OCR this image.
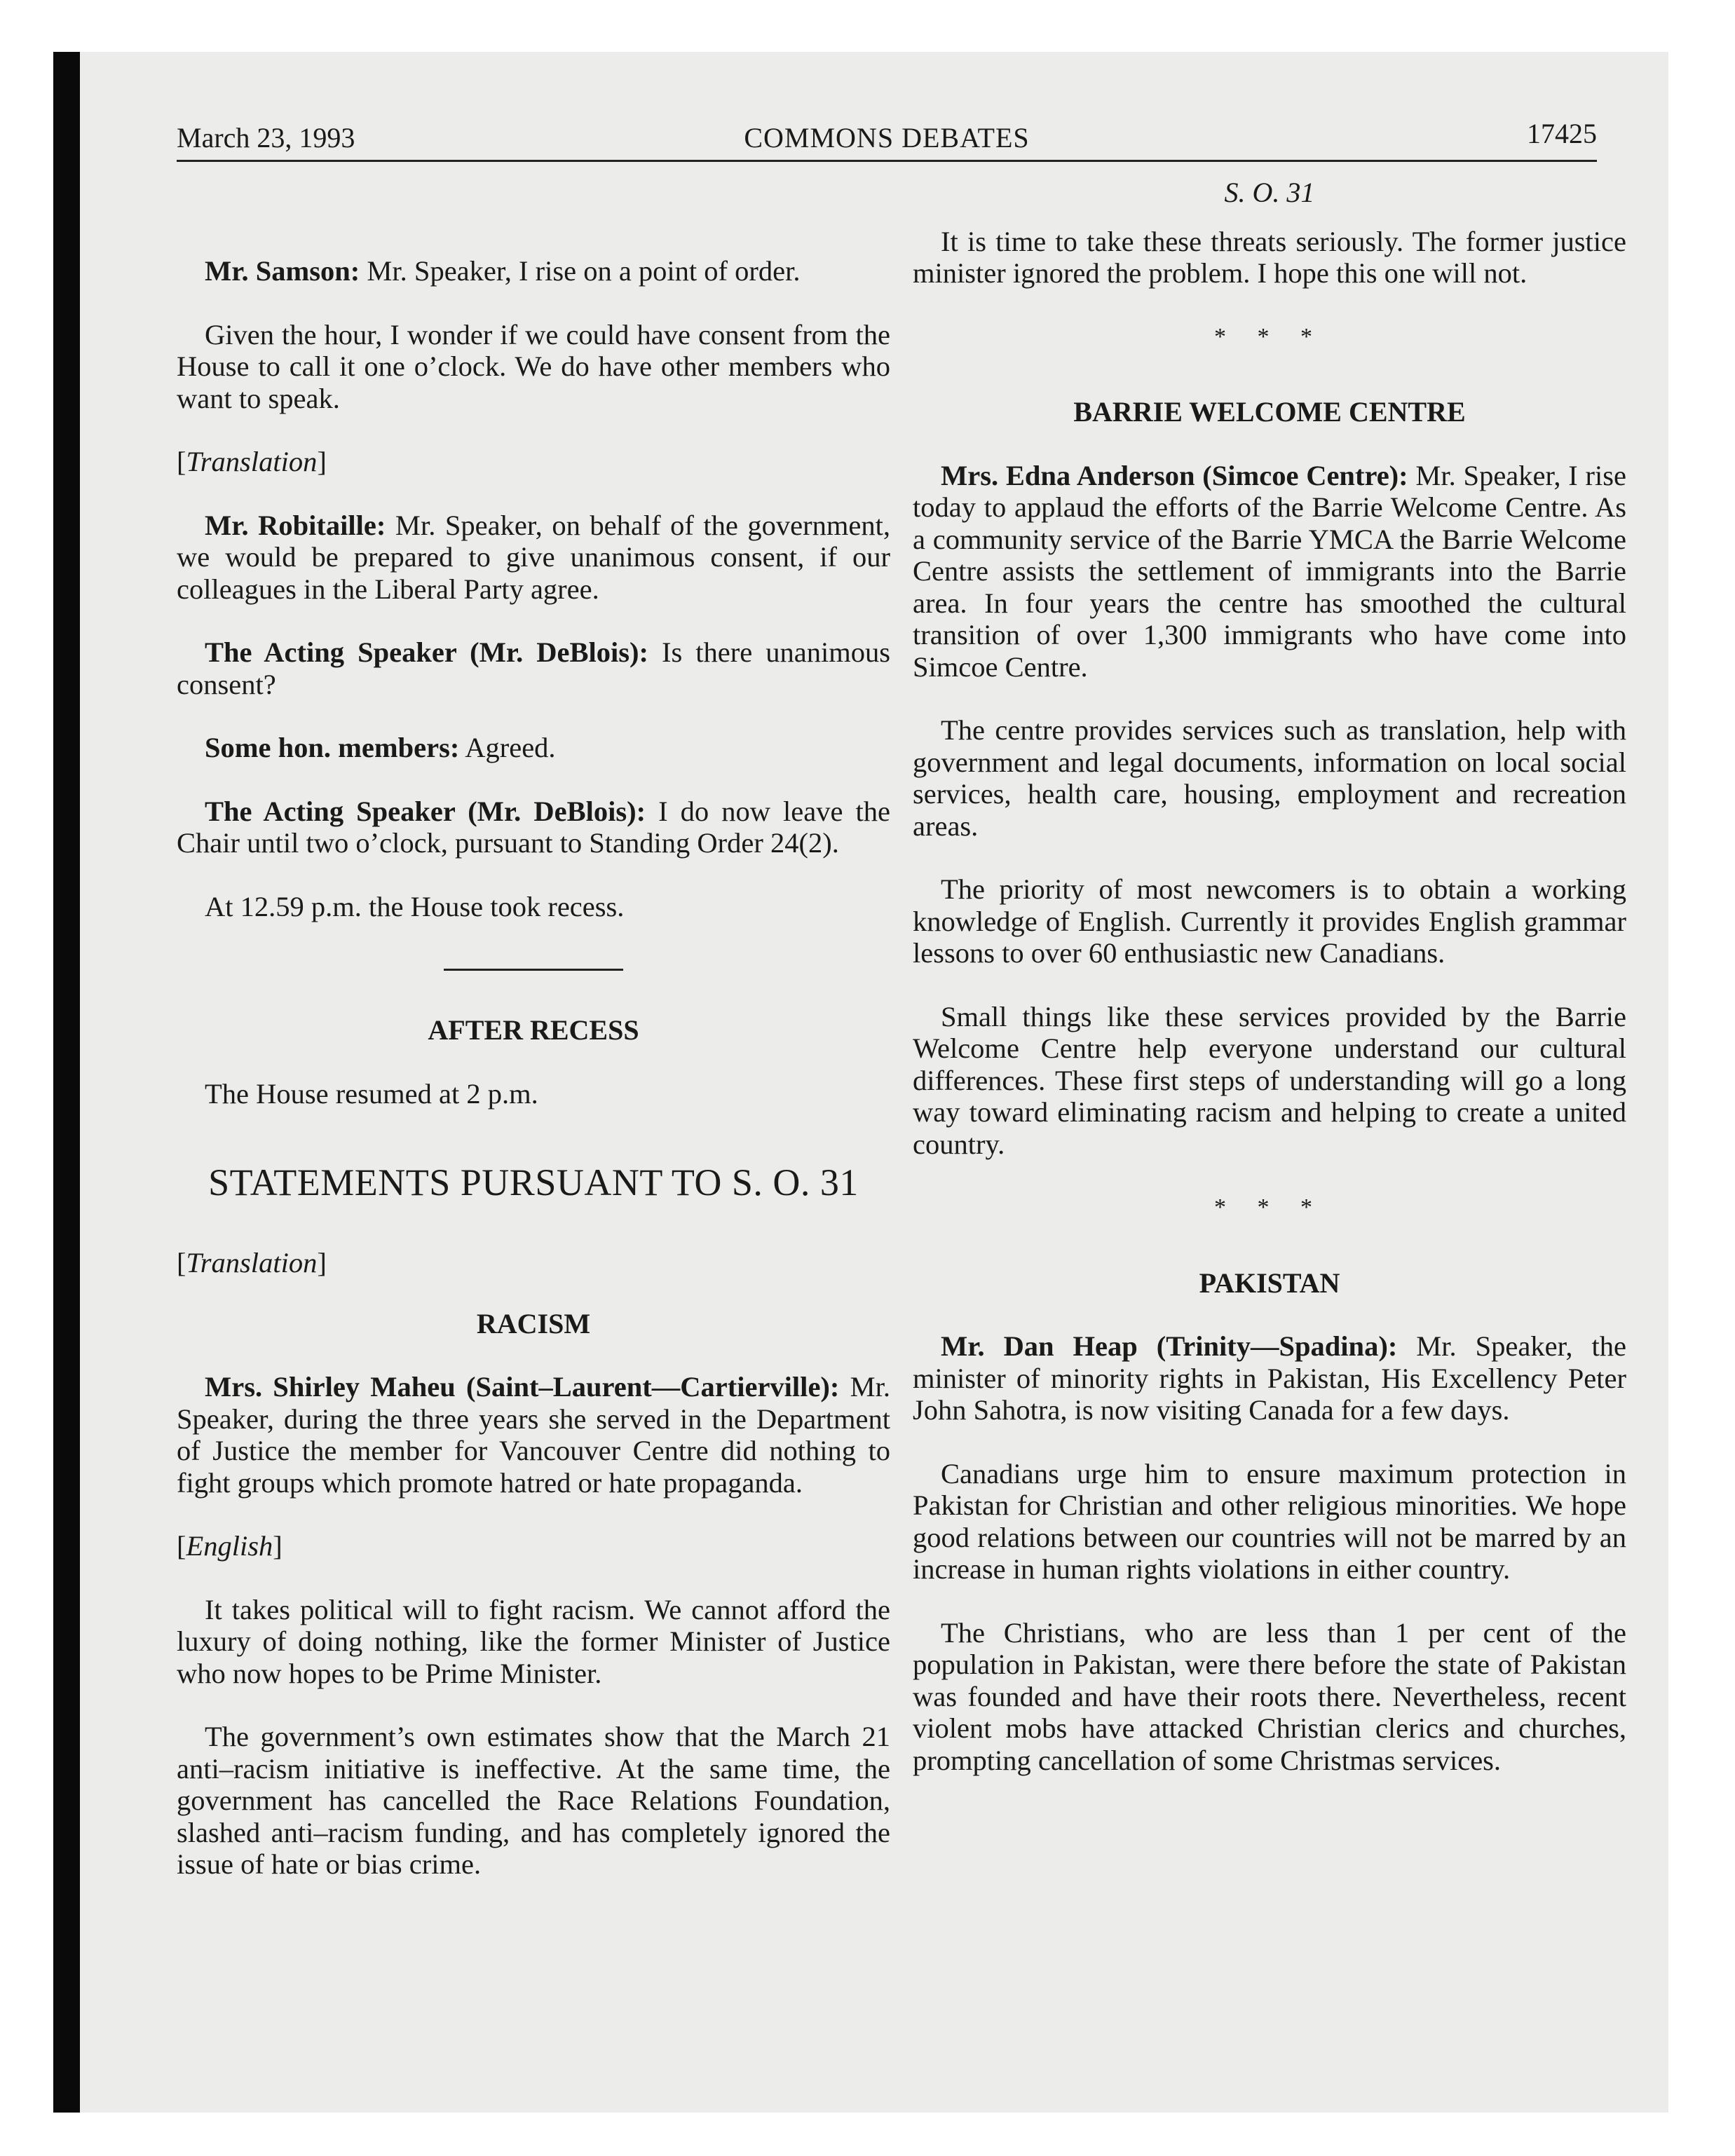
March 23, 1993	COMMONS DEBATES	17425

Mr. Samson: Mr. Speaker, I rise on a point of order.

Given the hour, I wonder if we could have consent from the House to call it one o’clock. We do have other members who want to speak.

[Translation]

Mr. Robitaille: Mr. Speaker, on behalf of the government, we would be prepared to give unanimous consent, if our colleagues in the Liberal Party agree.

The Acting Speaker (Mr. DeBlois): Is there unanimous consent?

Some hon. members: Agreed.

The Acting Speaker (Mr. DeBlois): I do now leave the Chair until two o’clock, pursuant to Standing Order 24(2).

At 12.59 p.m. the House took recess.

AFTER RECESS

The House resumed at 2 p.m.

STATEMENTS PURSUANT TO S. O. 31
[Translation]
RACISM

Mrs. Shirley Maheu (Saint–Laurent—Cartierville): Mr. Speaker, during the three years she served in the Department of Justice the member for Vancouver Centre did nothing to fight groups which promote hatred or hate propaganda.

[English]

It takes political will to fight racism. We cannot afford the luxury of doing nothing, like the former Minister of Justice who now hopes to be Prime Minister.

The government’s own estimates show that the March 21 anti–racism initiative is ineffective. At the same time, the government has cancelled the Race Relations Foundation, slashed anti–racism funding, and has completely ignored the issue of hate or bias crime.

S. O. 31

It is time to take these threats seriously. The former justice minister ignored the problem. I hope this one will not.

* * *
BARRIE WELCOME CENTRE

Mrs. Edna Anderson (Simcoe Centre): Mr. Speaker, I rise today to applaud the efforts of the Barrie Welcome Centre. As a community service of the Barrie YMCA the Barrie Welcome Centre assists the settlement of immigrants into the Barrie area. In four years the centre has smoothed the cultural transition of over 1,300 immigrants who have come into Simcoe Centre.

The centre provides services such as translation, help with government and legal documents, information on local social services, health care, housing, employment and recreation areas.

The priority of most newcomers is to obtain a working knowledge of English. Currently it provides English grammar lessons to over 60 enthusiastic new Canadians.

Small things like these services provided by the Barrie Welcome Centre help everyone understand our cultural differences. These first steps of understanding will go a long way toward eliminating racism and helping to create a united country.

* * *
PAKISTAN

Mr. Dan Heap (Trinity—Spadina): Mr. Speaker, the minister of minority rights in Pakistan, His Excellency Peter John Sahotra, is now visiting Canada for a few days.

Canadians urge him to ensure maximum protection in Pakistan for Christian and other religious minorities. We hope good relations between our countries will not be marred by an increase in human rights violations in either country.

The Christians, who are less than 1 per cent of the population in Pakistan, were there before the state of Pakistan was founded and have their roots there. Nevertheless, recent violent mobs have attacked Christian clerics and churches, prompting cancellation of some Christmas services.
